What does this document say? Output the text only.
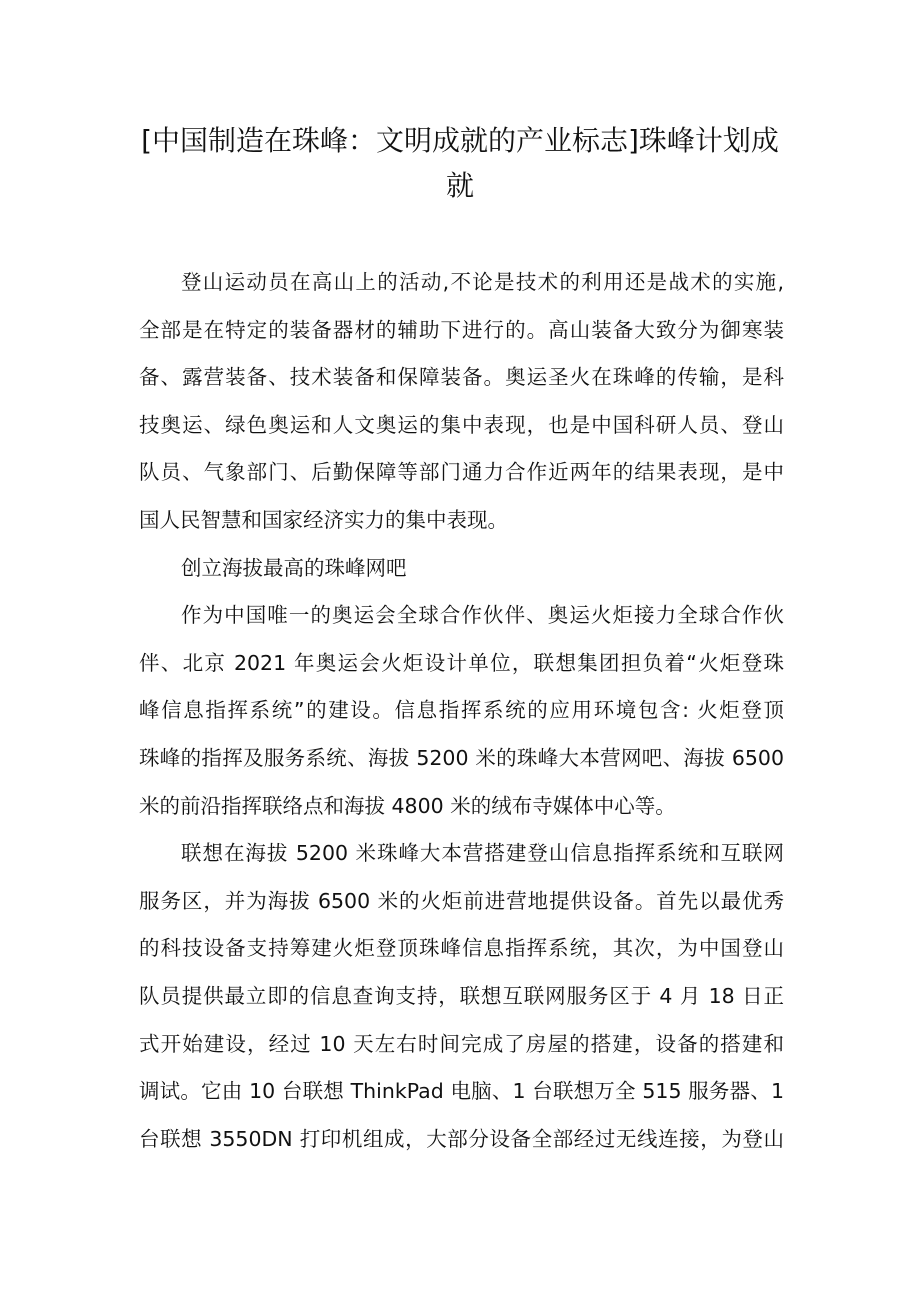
[中国制造在珠峰：文明成就的产业标志]珠峰计划成
就
登山运动员在高山上的活动,不论是技术的利用还是战术的实施,
全部是在特定的装备器材的辅助下进行的。高山装备大致分为御寒装
备、露营装备、技术装备和保障装备。奥运圣火在珠峰的传输，是科
技奥运、绿色奥运和人文奥运的集中表现，也是中国科研人员、登山
队员、气象部门、后勤保障等部门通力合作近两年的结果表现，是中
国人民智慧和国家经济实力的集中表现。
创立海拔最高的珠峰网吧
作为中国唯一的奥运会全球合作伙伴、奥运火炬接力全球合作伙
伴、北京 2021 年奥运会火炬设计单位，联想集团担负着“火炬登珠
峰信息指挥系统”的建设。信息指挥系统的应用环境包含: 火炬登顶
珠峰的指挥及服务系统、海拔 5200 米的珠峰大本营网吧、海拔 6500
米的前沿指挥联络点和海拔 4800 米的绒布寺媒体中心等。
联想在海拔 5200 米珠峰大本营搭建登山信息指挥系统和互联网
服务区，并为海拔 6500 米的火炬前进营地提供设备。首先以最优秀
的科技设备支持筹建火炬登顶珠峰信息指挥系统，其次，为中国登山
队员提供最立即的信息查询支持，联想互联网服务区于 4 月 18 日正
式开始建设，经过 10 天左右时间完成了房屋的搭建，设备的搭建和
调试。它由 10 台联想 ThinkPad 电脑、1 台联想万全 515 服务器、1
台联想 3550DN 打印机组成，大部分设备全部经过无线连接，为登山
